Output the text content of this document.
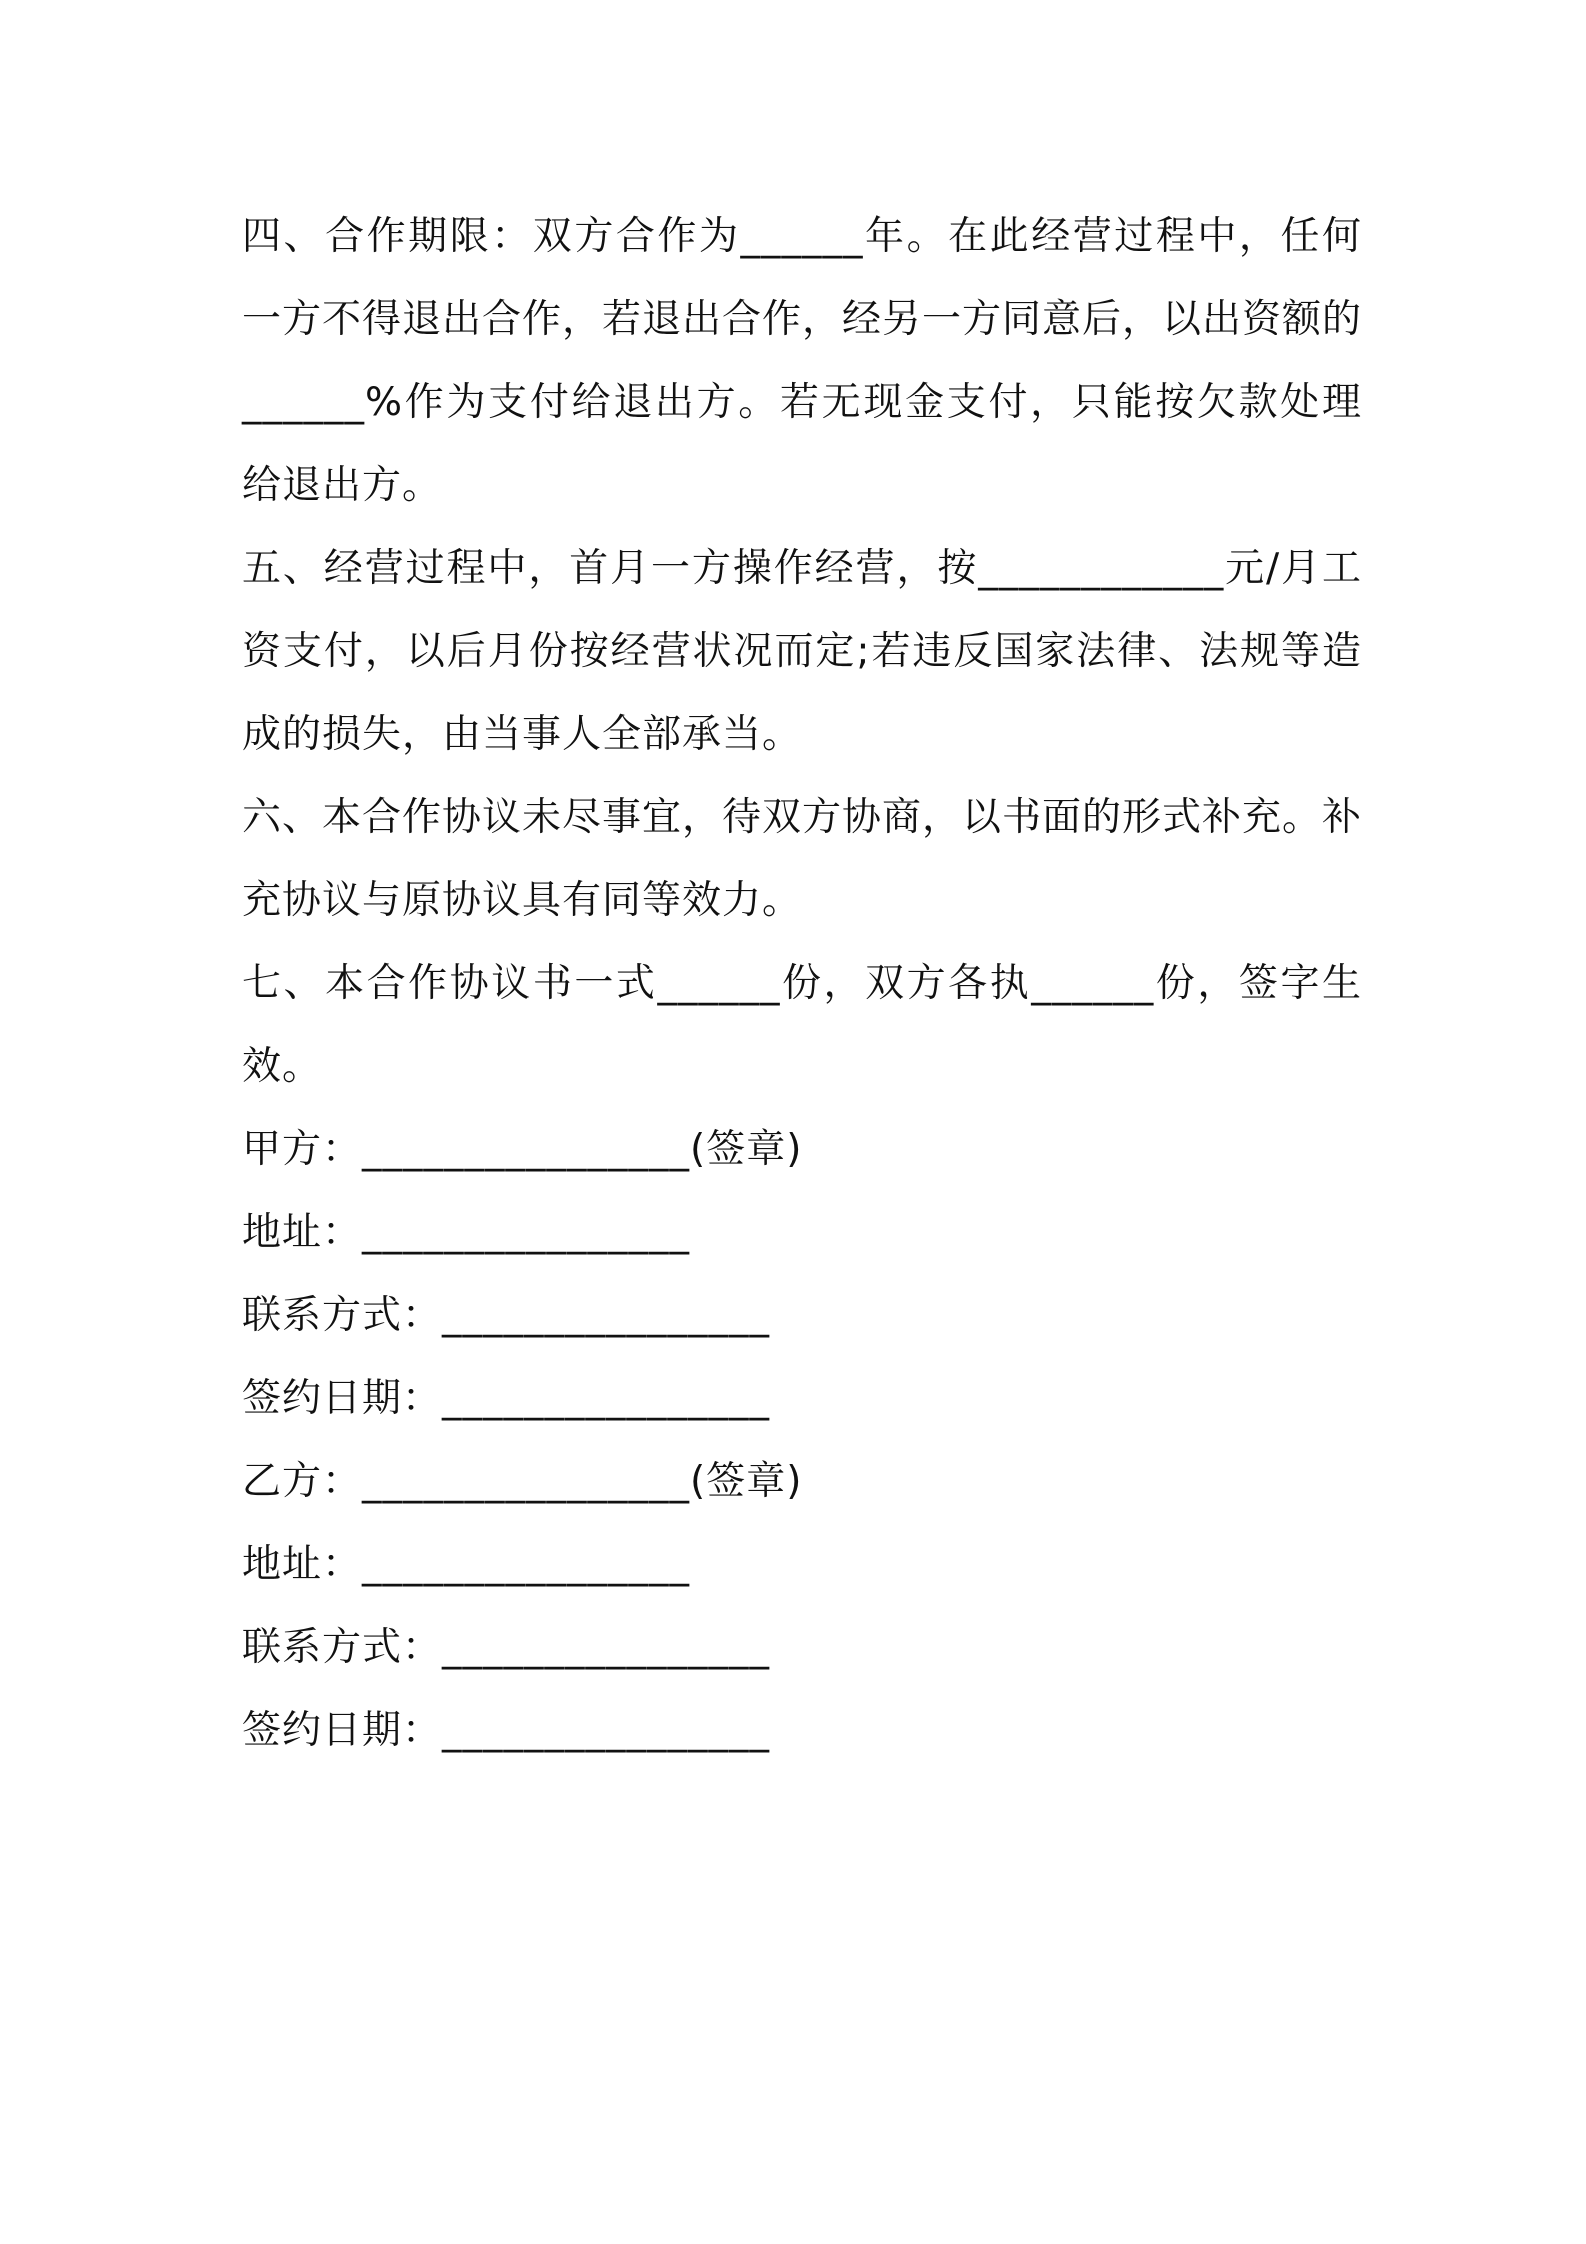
四、合作期限：双方合作为______年。在此经营过程中，任何一方不得退出合作，若退出合作，经另一方同意后，以出资额的______%作为支付给退出方。若无现金支付，只能按欠款处理给退出方。

五、经营过程中，首月一方操作经营，按____________元/月工资支付，以后月份按经营状况而定;若违反国家法律、法规等造成的损失，由当事人全部承当。

六、本合作协议未尽事宜，待双方协商，以书面的形式补充。补充协议与原协议具有同等效力。

七、本合作协议书一式______份，双方各执______份，签字生效。

甲方：________________(签章)
地址：________________
联系方式：________________
签约日期：________________
乙方：________________(签章)
地址：________________
联系方式：________________
签约日期：________________
